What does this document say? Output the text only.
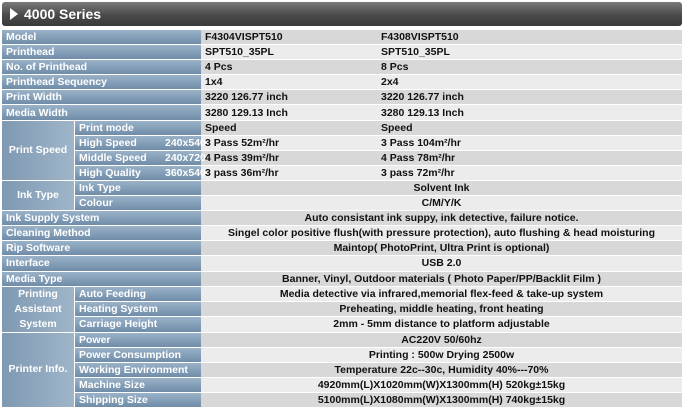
4000 Series
Model		F4304VISPT510	F4308VISPT510
Printhead		SPT510_35PL	SPT510_35PL
No. of Printhead		4 Pcs	8 Pcs
Printhead Sequency		1x4	2x4
Print Width		3220 126.77 inch	3220 126.77 inch
Media Width		3280 129.13 Inch	3280 129.13 Inch
Print Speed	Print mode	Speed	Speed
	High Speed 240x540	3 Pass 52m²/hr	3 Pass 104m²/hr
	Middle Speed 240x720	4 Pass 39m²/hr	4 Pass 78m²/hr
	High Quality 360x540	3 pass 36m²/hr	3 pass 72m²/hr
Ink Type	Ink Type	Solvent Ink	
	Colour	C/M/Y/K	
Ink Supply System		Auto consistant ink suppy, ink detective, failure notice.	
Cleaning Method		Singel color positive flush(with pressure protection), auto flushing & head moisturing	
Rip Software		Maintop( PhotoPrint, Ultra Print is optional)	
Interface		USB 2.0	
Media Type		Banner, Vinyl, Outdoor materials ( Photo Paper/PP/Backlit Film )	
Printing Assistant System	Auto Feeding	Media detective via infrared,memorial flex-feed & take-up system	
	Heating System	Preheating, middle heating, front heating	
	Carriage Height	2mm - 5mm distance to platform adjustable	
Printer Info.	Power	AC220V 50/60hz	
	Power Consumption	Printing : 500w Drying 2500w	
	Working Environment	Temperature 22c--30c, Humidity 40%---70%	
	Machine Size	4920mm(L)X1020mm(W)X1300mm(H) 520kg±15kg	
	Shipping Size	5100mm(L)X1080mm(W)X1300mm(H) 740kg±15kg	
